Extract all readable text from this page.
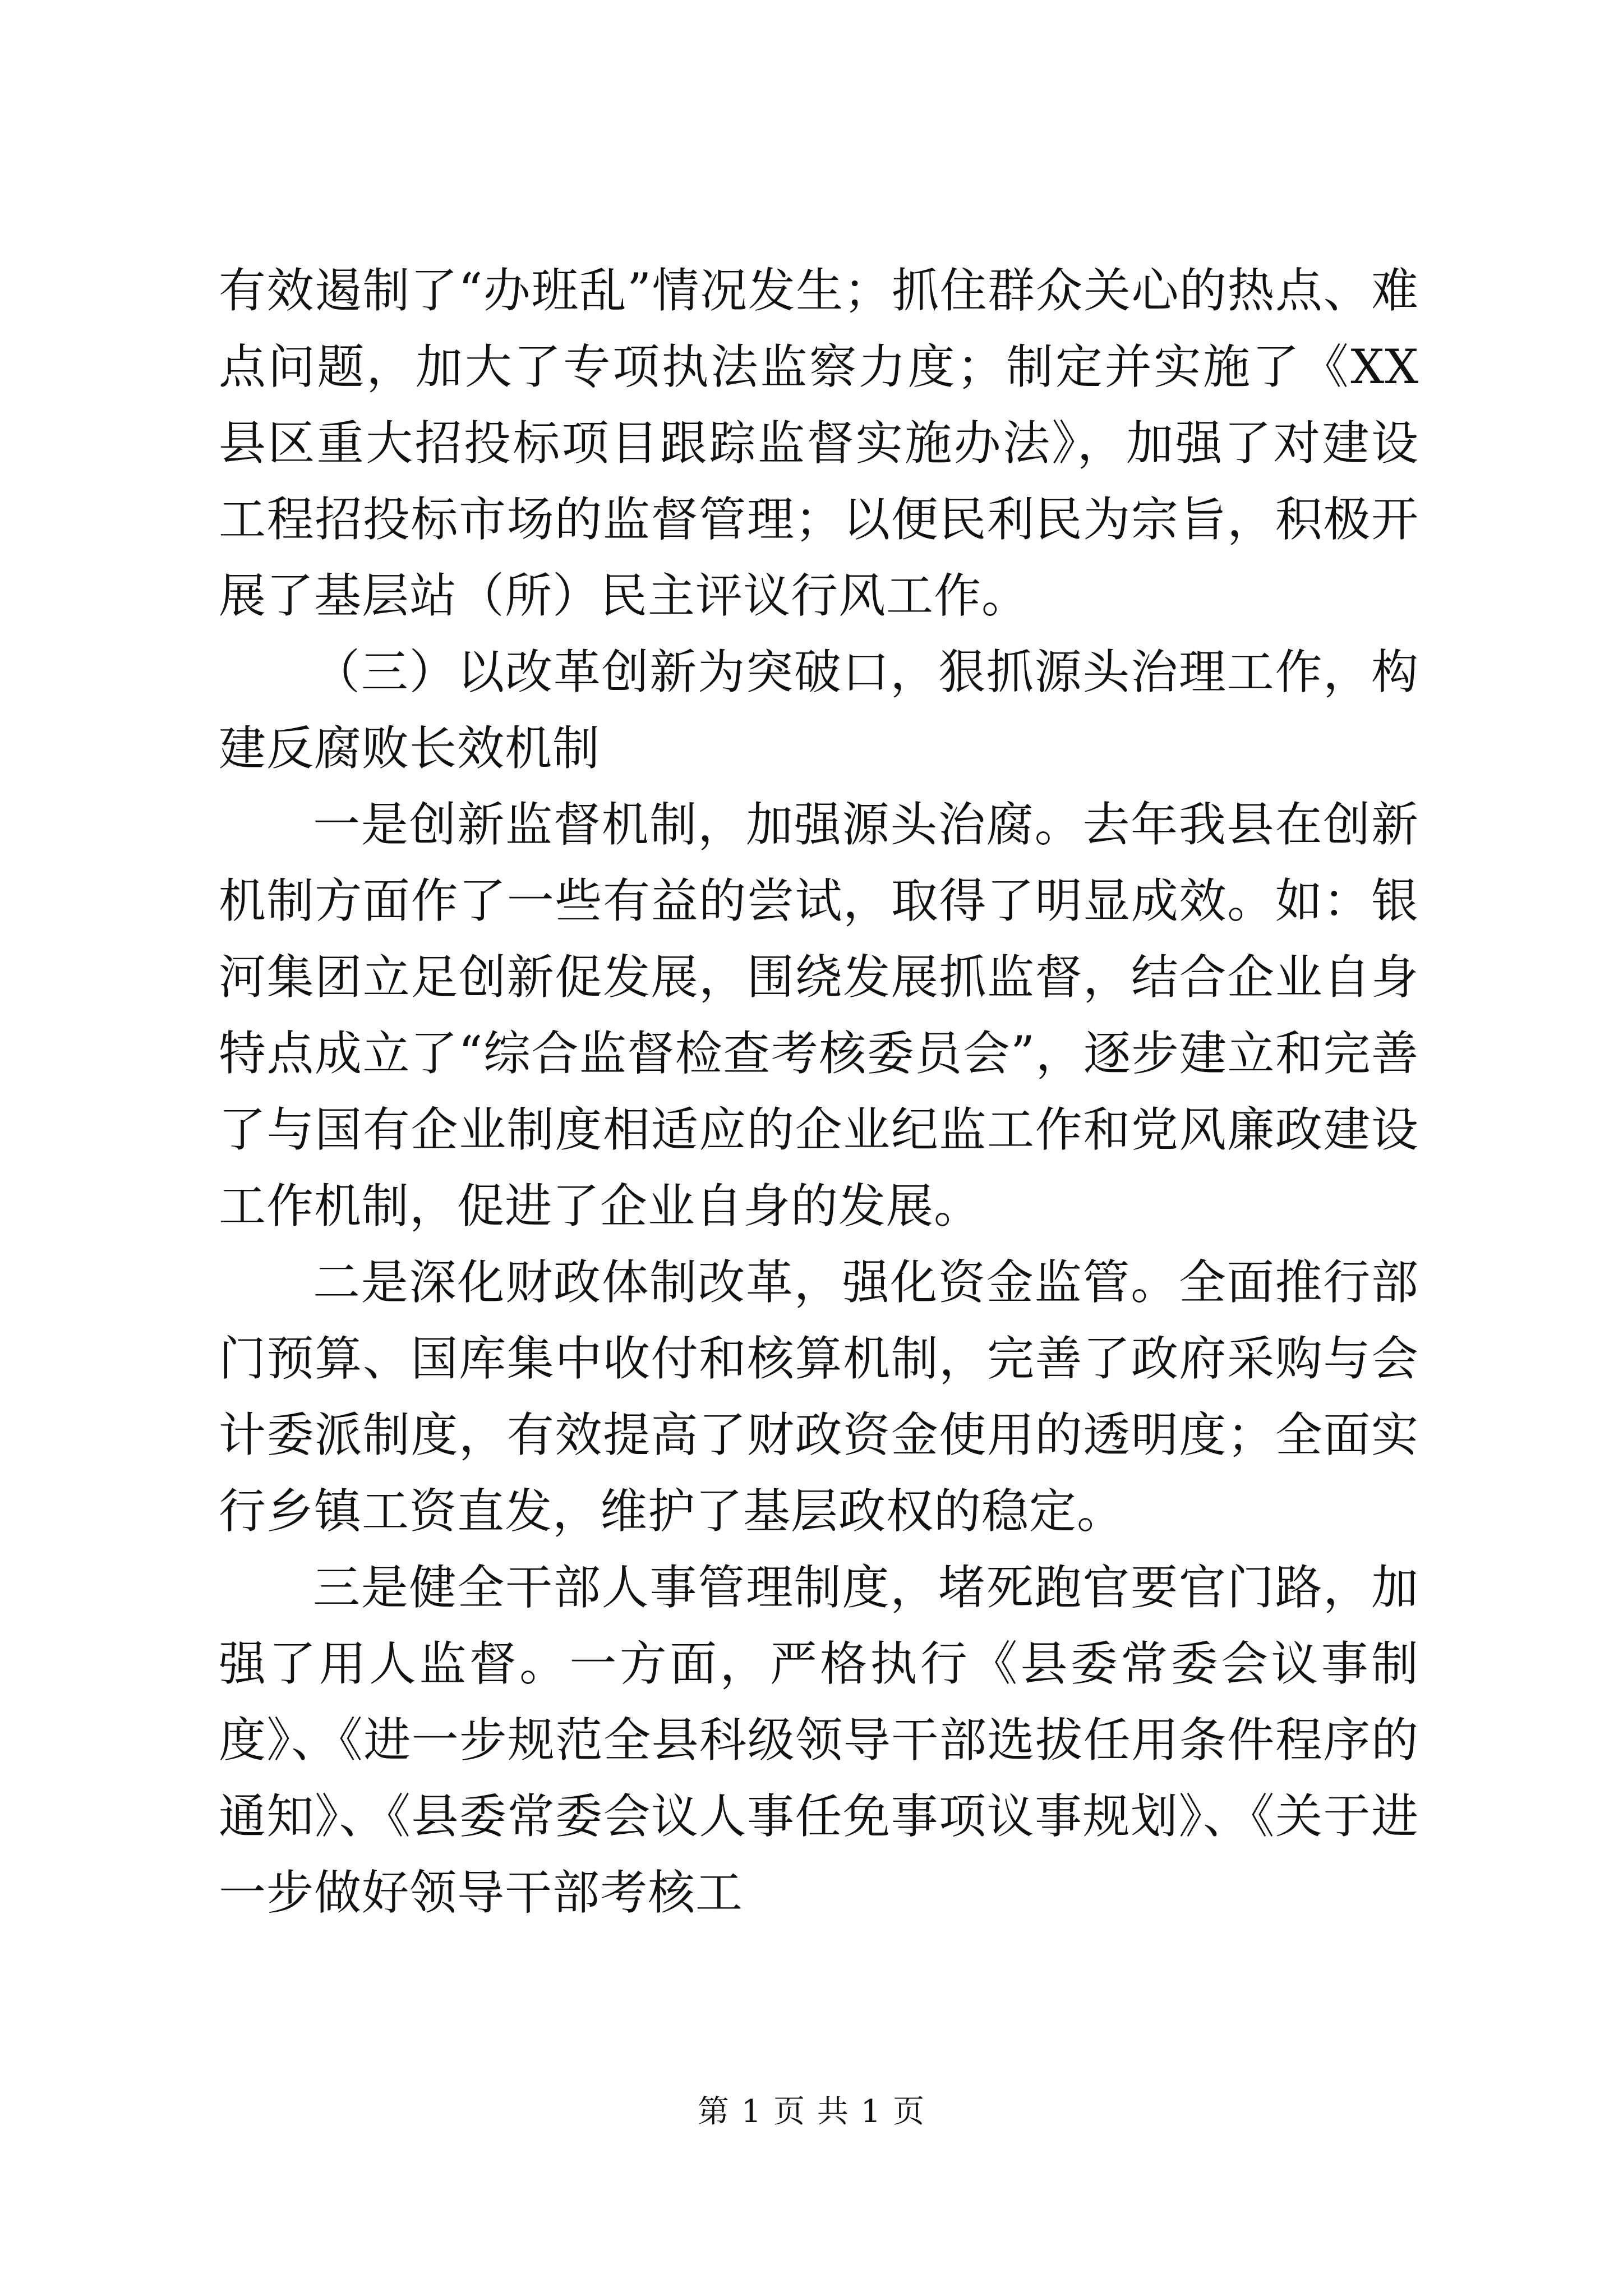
有效遏制了“办班乱”情况发生；抓住群众关心的热点、难点问题，加大了专项执法监察力度；制定并实施了《XX县区重大招投标项目跟踪监督实施办法》，加强了对建设工程招投标市场的监督管理；以便民利民为宗旨，积极开展了基层站（所）民主评议行风工作。

（三）以改革创新为突破口，狠抓源头治理工作，构建反腐败长效机制

一是创新监督机制，加强源头治腐。去年我县在创新机制方面作了一些有益的尝试，取得了明显成效。如：银河集团立足创新促发展，围绕发展抓监督，结合企业自身特点成立了“综合监督检查考核委员会”，逐步建立和完善了与国有企业制度相适应的企业纪监工作和党风廉政建设工作机制，促进了企业自身的发展。

二是深化财政体制改革，强化资金监管。全面推行部门预算、国库集中收付和核算机制，完善了政府采购与会计委派制度，有效提高了财政资金使用的透明度；全面实行乡镇工资直发，维护了基层政权的稳定。

三是健全干部人事管理制度，堵死跑官要官门路，加强了用人监督。一方面，严格执行《县委常委会议事制度》、《进一步规范全县科级领导干部选拔任用条件程序的通知》、《县委常委会议人事任免事项议事规划》、《关于进一步做好领导干部考核工

第 1 页 共 1 页
